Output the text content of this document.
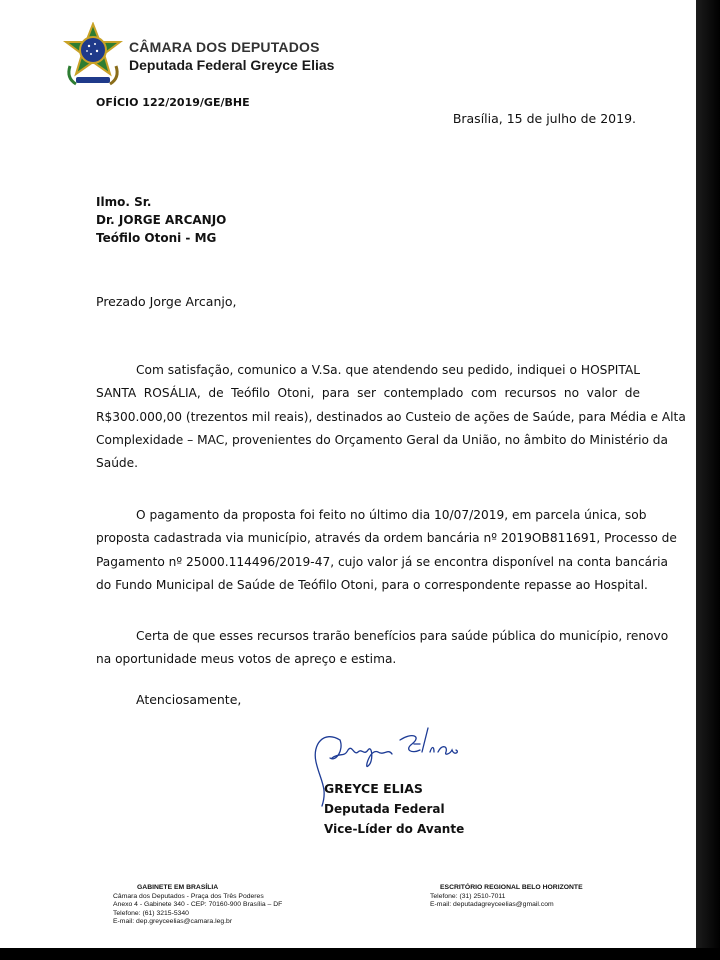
CÂMARA DOS DEPUTADOS
Deputada Federal Greyce Elias
OFÍCIO 122/2019/GE/BHE
Brasília, 15 de julho de 2019.
Ilmo. Sr.
Dr. JORGE ARCANJO
Teófilo Otoni - MG
Prezado Jorge Arcanjo,
Com satisfação, comunico a V.Sa. que atendendo seu pedido, indiquei o HOSPITAL
SANTA ROSÁLIA, de Teófilo Otoni, para ser contemplado com recursos no valor de
R$300.000,00 (trezentos mil reais), destinados ao Custeio de ações de Saúde, para Média e Alta
Complexidade – MAC, provenientes do Orçamento Geral da União, no âmbito do Ministério da
Saúde.
O pagamento da proposta foi feito no último dia 10/07/2019, em parcela única, sob
proposta cadastrada via município, através da ordem bancária nº 2019OB811691, Processo de
Pagamento nº 25000.114496/2019-47, cujo valor já se encontra disponível na conta bancária
do Fundo Municipal de Saúde de Teófilo Otoni, para o correspondente repasse ao Hospital.
Certa de que esses recursos trarão benefícios para saúde pública do município, renovo
na oportunidade meus votos de apreço e estima.
Atenciosamente,
GREYCE ELIAS
Deputada Federal
Vice-Líder do Avante
GABINETE EM BRASÍLIA
Câmara dos Deputados - Praça dos Três Poderes
Anexo 4 - Gabinete 340 - CEP: 70160-900 Brasília – DF
Telefone: (61) 3215-5340
E-mail: dep.greyceelias@camara.leg.br
ESCRITÓRIO REGIONAL BELO HORIZONTE
Telefone: (31) 2510-7011
E-mail: deputadagreyceelias@gmail.com
